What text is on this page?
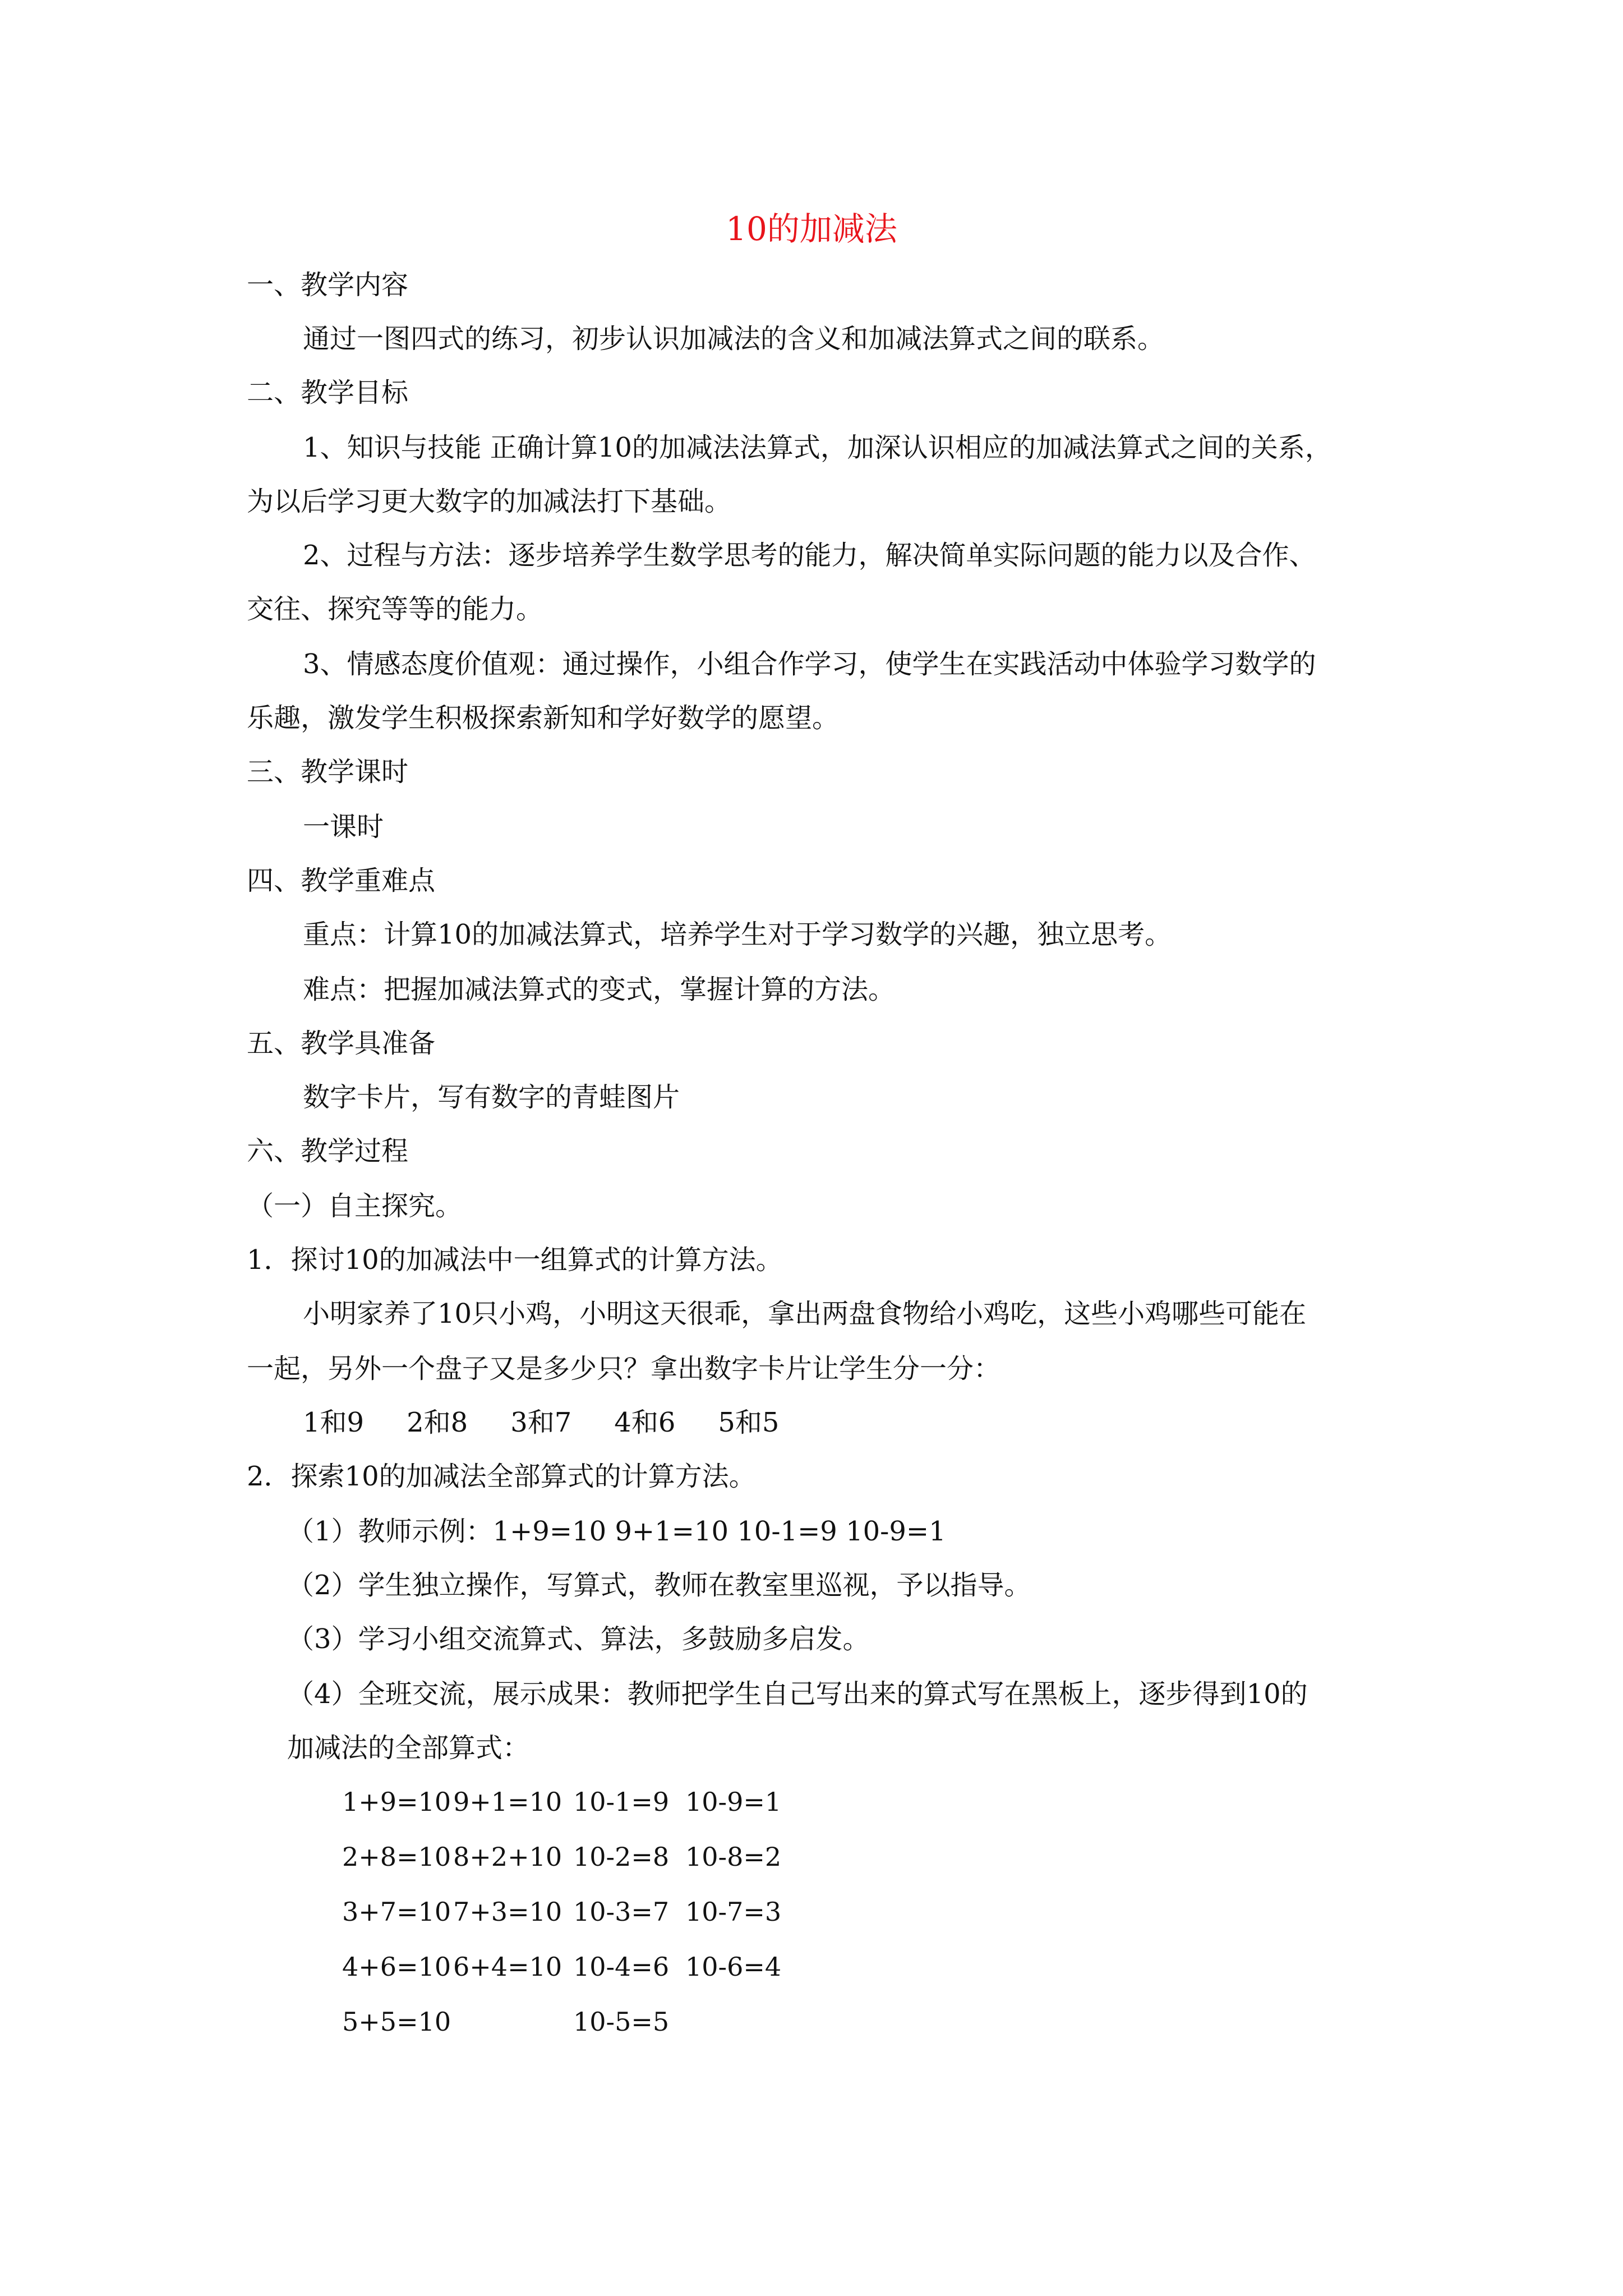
10的加减法
一、教学内容
通过一图四式的练习，初步认识加减法的含义和加减法算式之间的联系。
二、教学目标
1、知识与技能 正确计算10的加减法法算式，加深认识相应的加减法算式之间的关系，
为以后学习更大数字的加减法打下基础。
2、过程与方法：逐步培养学生数学思考的能力，解决简单实际问题的能力以及合作、
交往、探究等等的能力。
3、情感态度价值观：通过操作，小组合作学习，使学生在实践活动中体验学习数学的
乐趣，激发学生积极探索新知和学好数学的愿望。
三、教学课时
一课时
四、教学重难点
重点：计算10的加减法算式，培养学生对于学习数学的兴趣，独立思考。
难点：把握加减法算式的变式，掌握计算的方法。
五、教学具准备
数字卡片，写有数字的青蛙图片
六、教学过程
（一）自主探究。
1．探讨10的加减法中一组算式的计算方法。
小明家养了10只小鸡，小明这天很乖，拿出两盘食物给小鸡吃，这些小鸡哪些可能在
一起，另外一个盘子又是多少只？拿出数字卡片让学生分一分：
1和9 2和8 3和7 4和6 5和5
2．探索10的加减法全部算式的计算方法。
（1）教师示例：1+9=10 9+1=10 10-1=9 10-9=1
（2）学生独立操作，写算式，教师在教室里巡视，予以指导。
（3）学习小组交流算式、算法，多鼓励多启发。
（4）全班交流，展示成果：教师把学生自己写出来的算式写在黑板上，逐步得到10的
加减法的全部算式：
1+9=10 9+1=10 10-1=9 10-9=1
2+8=10 8+2+10 10-2=8 10-8=2
3+7=10 7+3=10 10-3=7 10-7=3
4+6=10 6+4=10 10-4=6 10-6=4
5+5=10	10-5=5
